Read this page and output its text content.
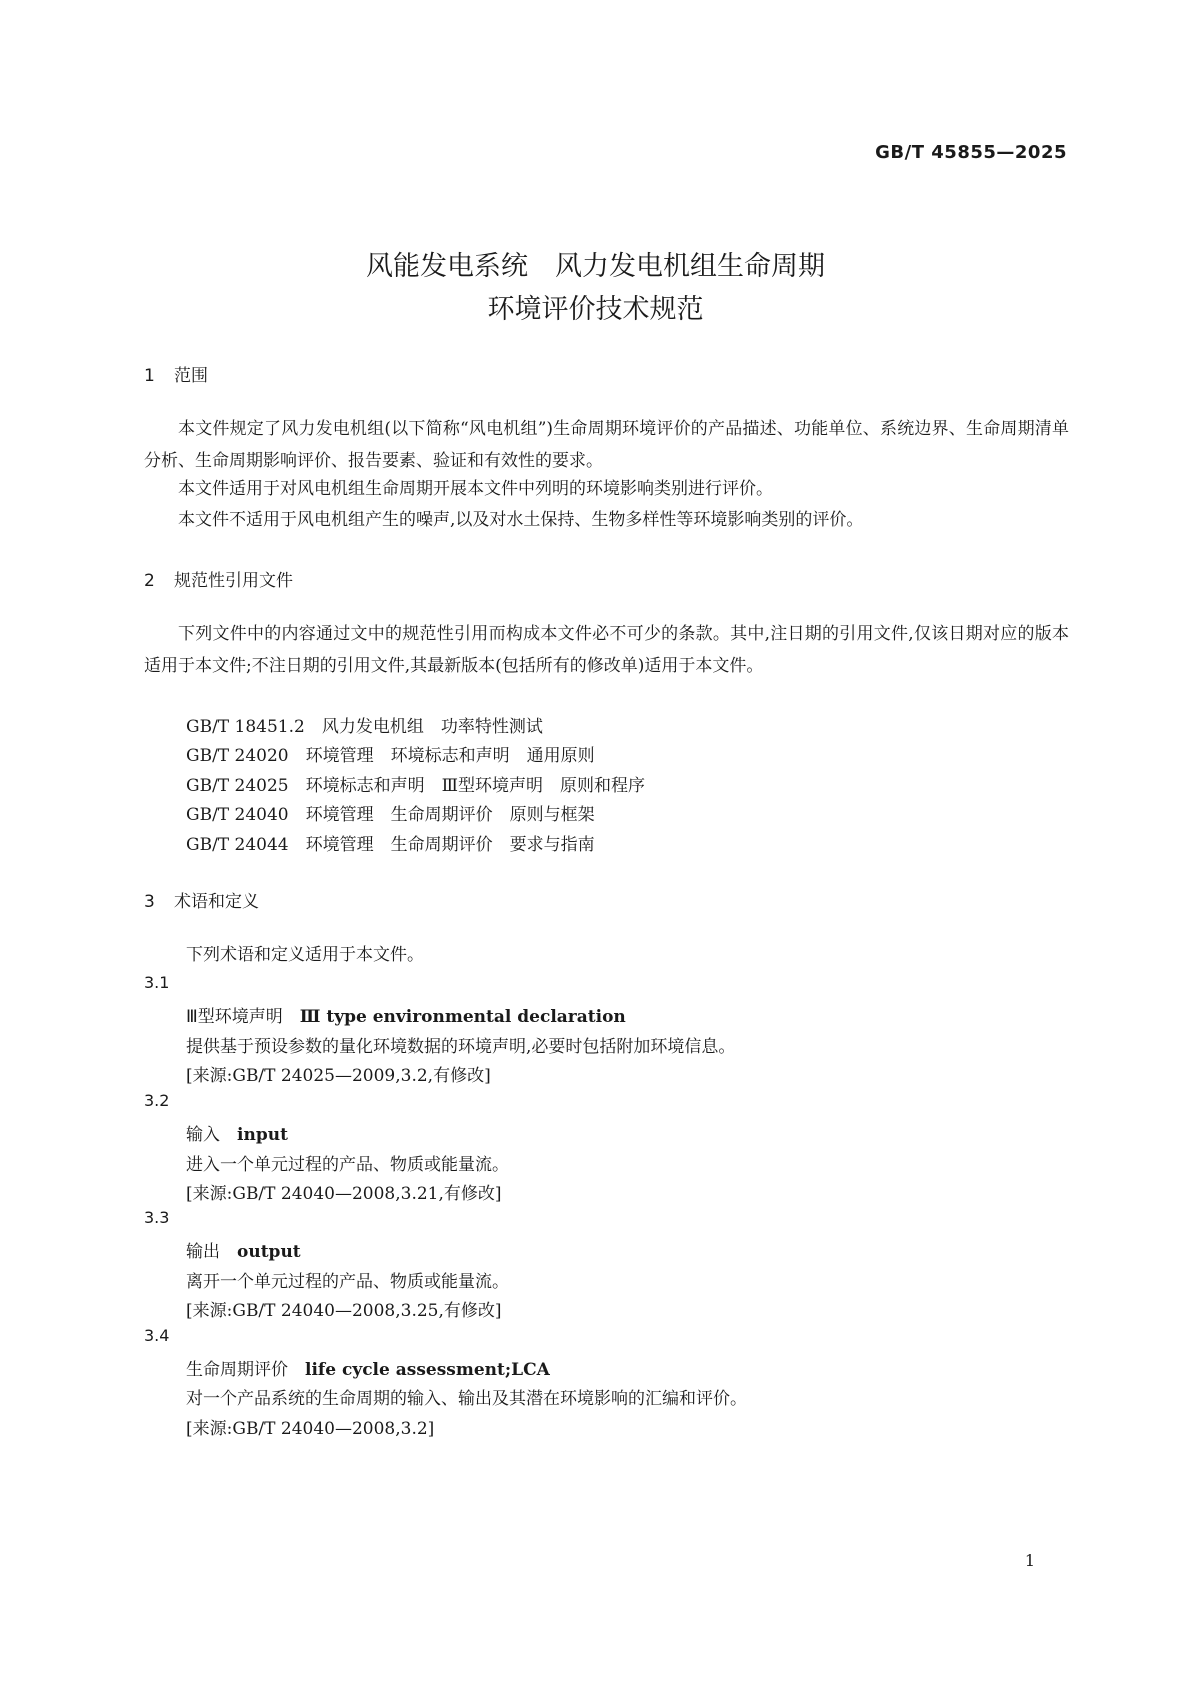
GB/T 45855—2025
风能发电系统　风力发电机组生命周期
环境评价技术规范
1 范围
本文件规定了风力发电机组(以下简称“风电机组”)生命周期环境评价的产品描述、功能单位、系统边界、生命周期清单分析、生命周期影响评价、报告要素、验证和有效性的要求。
本文件适用于对风电机组生命周期开展本文件中列明的环境影响类别进行评价。
本文件不适用于风电机组产生的噪声,以及对水土保持、生物多样性等环境影响类别的评价。
2 规范性引用文件
下列文件中的内容通过文中的规范性引用而构成本文件必不可少的条款。其中,注日期的引用文件,仅该日期对应的版本适用于本文件;不注日期的引用文件,其最新版本(包括所有的修改单)适用于本文件。
GB/T 18451.2　风力发电机组　功率特性测试
GB/T 24020　环境管理　环境标志和声明　通用原则
GB/T 24025　环境标志和声明　Ⅲ型环境声明　原则和程序
GB/T 24040　环境管理　生命周期评价　原则与框架
GB/T 24044　环境管理　生命周期评价　要求与指南
3 术语和定义
下列术语和定义适用于本文件。
3.1
Ⅲ型环境声明　 Ⅲ type environmental declaration
提供基于预设参数的量化环境数据的环境声明,必要时包括附加环境信息。
[来源:GB/T 24025—2009,3.2,有修改]
3.2
输入　 input
进入一个单元过程的产品、物质或能量流。
[来源:GB/T 24040—2008,3.21,有修改]
3.3
输出　 output
离开一个单元过程的产品、物质或能量流。
[来源:GB/T 24040—2008,3.25,有修改]
3.4
生命周期评价　 life cycle assessment;LCA
对一个产品系统的生命周期的输入、输出及其潜在环境影响的汇编和评价。
[来源:GB/T 24040—2008,3.2]
1
